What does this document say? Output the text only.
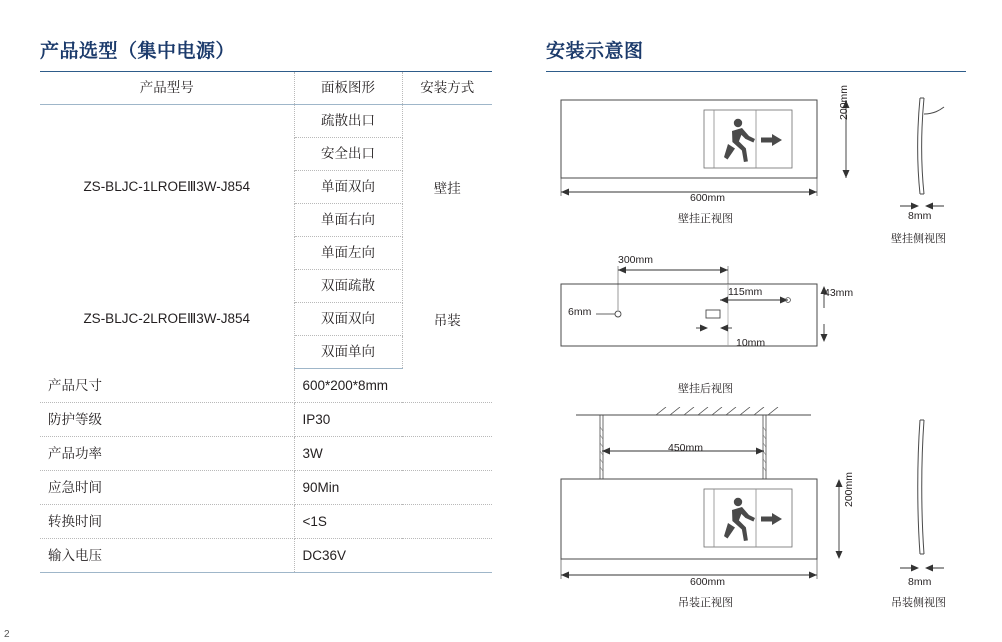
产品选型（集中电源）
产品型号	面板图形	安装方式

ZS-BLJC-1LROEⅢ3W-J854	疏散出口	壁挂

	安全出口	

	单面双向	

	单面右向	

	单面左向	

ZS-BLJC-2LROEⅢ3W-J854	双面疏散	吊装

	双面双向	

	双面单向	

产品尺寸	600*200*8mm	

防护等级	IP30	

产品功率	3W	

应急时间	90Min	

转换时间	<1S	

输入电压	DC36V	
安装示意图
600mm
200mm
壁挂正视图	8mm
壁挂侧视图
300mm
115mm
6mm
10mm
43mm
壁挂后视图
450mm
600mm
200mm
吊装正视图
8mm
吊装侧视图
2
